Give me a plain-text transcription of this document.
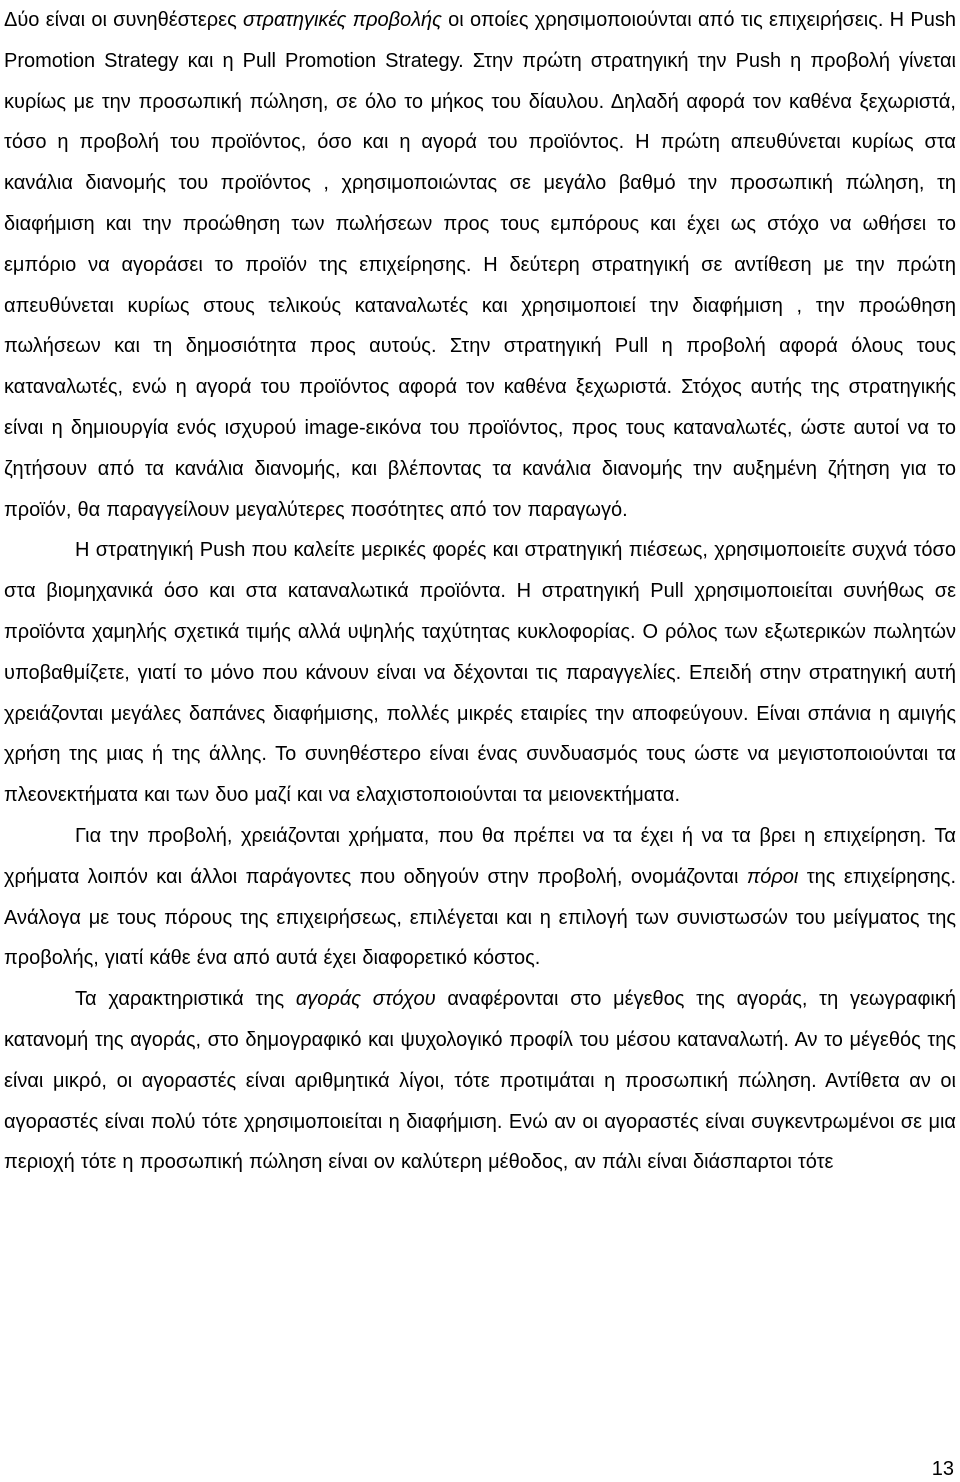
Δύο είναι οι συνηθέστερες στρατηγικές προβολής οι οποίες χρησιμοποιούνται από τις επιχειρήσεις. Η Push Promotion Strategy και η Pull Promotion Strategy. Στην πρώτη στρατηγική την Push η προβολή γίνεται κυρίως με την προσωπική πώληση, σε όλο το μήκος του δίαυλου. Δηλαδή αφορά τον καθένα ξεχωριστά, τόσο η προβολή του προϊόντος, όσο και η αγορά του προϊόντος. Η πρώτη απευθύνεται κυρίως στα κανάλια διανομής του προϊόντος , χρησιμοποιώντας σε μεγάλο βαθμό την προσωπική πώληση, τη διαφήμιση και την προώθηση των πωλήσεων προς τους εμπόρους και έχει ως στόχο να ωθήσει το εμπόριο να αγοράσει το προϊόν της επιχείρησης. Η δεύτερη στρατηγική σε αντίθεση με την πρώτη απευθύνεται κυρίως στους τελικούς καταναλωτές και χρησιμοποιεί την διαφήμιση , την προώθηση πωλήσεων και τη δημοσιότητα προς αυτούς. Στην στρατηγική Pull η προβολή αφορά όλους τους καταναλωτές, ενώ η αγορά του προϊόντος αφορά τον καθένα ξεχωριστά. Στόχος αυτής της στρατηγικής είναι η δημιουργία ενός ισχυρού image-εικόνα του προϊόντος, προς τους καταναλωτές, ώστε αυτοί να το ζητήσουν από τα κανάλια διανομής, και βλέποντας τα κανάλια διανομής την αυξημένη ζήτηση για το προϊόν, θα παραγγείλουν μεγαλύτερες ποσότητες από τον παραγωγό.

Η στρατηγική Push που καλείτε μερικές φορές και στρατηγική πιέσεως, χρησιμοποιείτε συχνά τόσο στα βιομηχανικά όσο και στα καταναλωτικά προϊόντα. Η στρατηγική Pull χρησιμοποιείται συνήθως σε προϊόντα χαμηλής σχετικά τιμής αλλά υψηλής ταχύτητας κυκλοφορίας. Ο ρόλος των εξωτερικών πωλητών υποβαθμίζετε, γιατί το μόνο που κάνουν είναι να δέχονται τις παραγγελίες. Επειδή στην στρατηγική αυτή χρειάζονται μεγάλες δαπάνες διαφήμισης, πολλές μικρές εταιρίες την αποφεύγουν. Είναι σπάνια η αμιγής χρήση της μιας ή της άλλης. Το συνηθέστερο είναι ένας συνδυασμός τους ώστε να μεγιστοποιούνται τα πλεονεκτήματα και των δυο μαζί και να ελαχιστοποιούνται τα μειονεκτήματα.

Για την προβολή, χρειάζονται χρήματα, που θα πρέπει να τα έχει ή να τα βρει η επιχείρηση. Τα χρήματα λοιπόν και άλλοι παράγοντες που οδηγούν στην προβολή, ονομάζονται πόροι της επιχείρησης. Ανάλογα με τους πόρους της επιχειρήσεως, επιλέγεται και η επιλογή των συνιστωσών του μείγματος της προβολής, γιατί κάθε ένα από αυτά έχει διαφορετικό κόστος.

Τα χαρακτηριστικά της αγοράς στόχου αναφέρονται στο μέγεθος της αγοράς, τη γεωγραφική κατανομή της αγοράς, στο δημογραφικό και ψυχολογικό προφίλ του μέσου καταναλωτή. Αν το μέγεθός της είναι μικρό, οι αγοραστές είναι αριθμητικά λίγοι, τότε προτιμάται η προσωπική πώληση. Αντίθετα αν οι αγοραστές είναι πολύ τότε χρησιμοποιείται η διαφήμιση. Ενώ αν οι αγοραστές είναι συγκεντρωμένοι σε μια περιοχή τότε η προσωπική πώληση είναι ον καλύτερη μέθοδος, αν πάλι είναι διάσπαρτοι τότε

13
